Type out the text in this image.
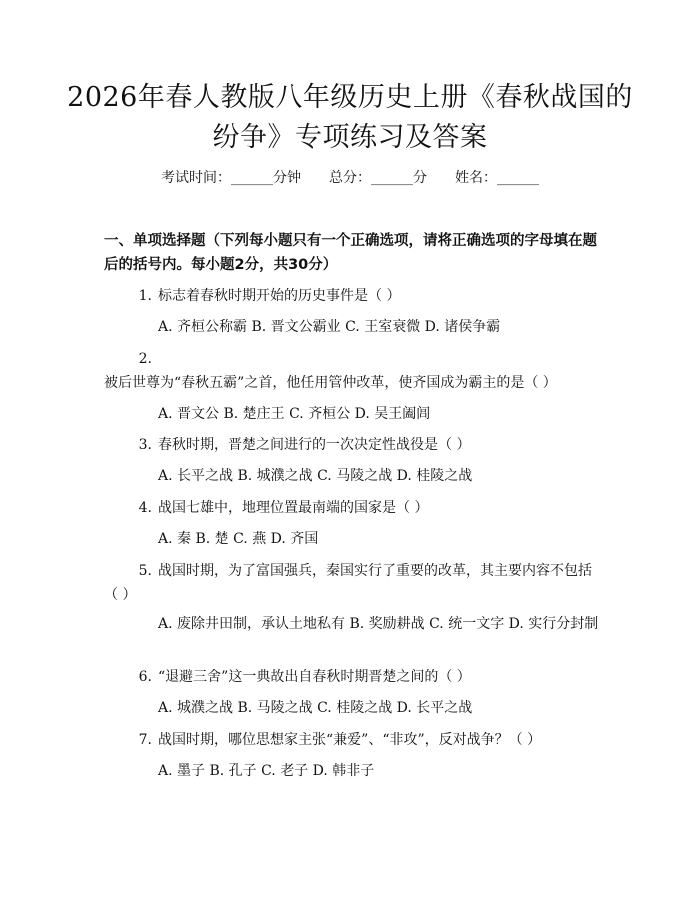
2026年春人教版八年级历史上册《春秋战国的纷争》专项练习及答案
考试时间：______分钟 总分：______分 姓名：______
一、单项选择题（下列每小题只有一个正确选项，请将正确选项的字母填在题后的括号内。每小题2分，共30分）
1. 标志着春秋时期开始的历史事件是（ ）
A. 齐桓公称霸 B. 晋文公霸业 C. 王室衰微 D. 诸侯争霸
2.被后世尊为“春秋五霸”之首，他任用管仲改革，使齐国成为霸主的是（ ）
A. 晋文公 B. 楚庄王 C. 齐桓公 D. 吴王阖闾
3. 春秋时期，晋楚之间进行的一次决定性战役是（ ）
A. 长平之战 B. 城濮之战 C. 马陵之战 D. 桂陵之战
4. 战国七雄中，地理位置最南端的国家是（ ）
A. 秦 B. 楚 C. 燕 D. 齐国
5. 战国时期，为了富国强兵，秦国实行了重要的改革，其主要内容不包括（ ）
A. 废除井田制，承认土地私有 B. 奖励耕战 C. 统一文字 D. 实行分封制
6. “退避三舍”这一典故出自春秋时期晋楚之间的（ ）
A. 城濮之战 B. 马陵之战 C. 桂陵之战 D. 长平之战
7. 战国时期，哪位思想家主张“兼爱”、“非攻”，反对战争？（ ）
A. 墨子 B. 孔子 C. 老子 D. 韩非子
